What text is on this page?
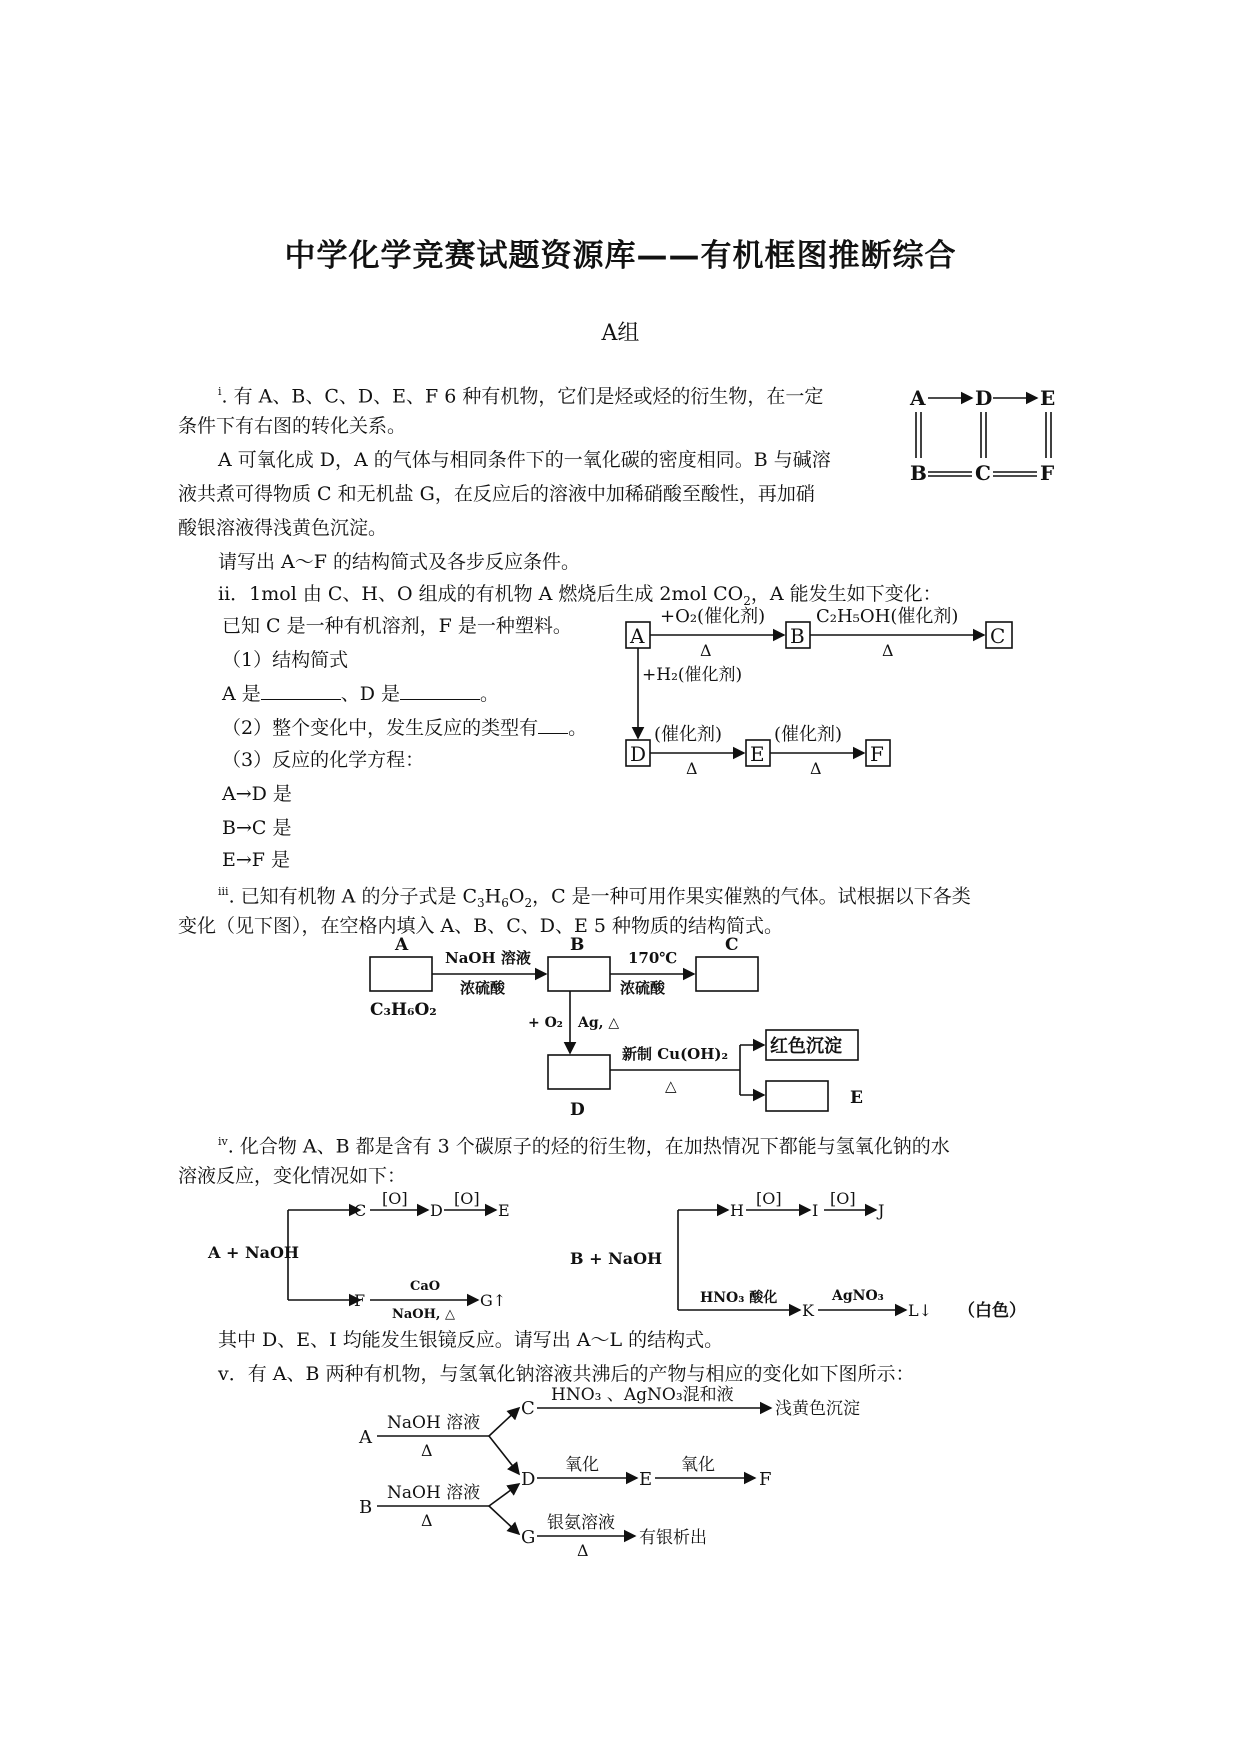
中学化学竞赛试题资源库——有机框图推断综合
A组
$^i$. 有 A、B、C、D、E、F 6 种有机物，它们是烃或烃的衍生物，在一定
条件下有右图的转化关系。
A 可氧化成 D，A 的气体与相同条件下的一氧化碳的密度相同。B 与碱溶
液共煮可得物质 C 和无机盐 G，在反应后的溶液中加稀硝酸至酸性，再加硝
酸银溶液得浅黄色沉淀。
请写出 A～F 的结构简式及各步反应条件。
A D E
B C F
ii．1mol 由 C、H、O 组成的有机物 A 燃烧后生成 2mol $CO_2$，A 能发生如下变化：
已知 C 是一种有机溶剂，F 是一种塑料。
（1）结构简式
A 是	、D 是	。
（2）整个变化中，发生反应的类型有 。
（3）反应的化学方程：
A→D 是
B→C 是
E→F 是
A	B	C
D	E	F
+O₂(催化剂)
Δ
C₂H₅OH(催化剂)
Δ
+H₂(催化剂)
(催化剂)
Δ
(催化剂)
Δ
$^{iii}$. 已知有机物 A 的分子式是 $C_3H_6O_2$，C 是一种可用作果实催熟的气体。试根据以下各类
变化（见下图），在空格内填入 A、B、C、D、E 5 种物质的结构简式。
A
C₃H₆O₂
B	C
NaOH 溶液
浓硫酸
170℃
浓硫酸
+ O₂ Ag, △
D
新制 Cu(OH)₂
△
红色沉淀
E
$^{iv}$. 化合物 A、B 都是含有 3 个碳原子的烃的衍生物，在加热情况下都能与氢氧化钠的水
溶液反应，变化情况如下：
A + NaOH
C
[O]
D
[O]
E
F
CaO
NaOH, △
G↑
B + NaOH
H
[O]
I
[O]
J
HNO₃ 酸化
K
AgNO₃
L↓ （白色）
其中 D、E、I 均能发生银镜反应。请写出 A～L 的结构式。
v．有 A、B 两种有机物，与氢氧化钠溶液共沸后的产物与相应的变化如下图所示：
A
NaOH 溶液
Δ
C
HNO₃ 、AgNO₃混和液
浅黄色沉淀
D
氧化
E
氧化
F
B
NaOH 溶液
Δ
G
银氨溶液
Δ
有银析出
